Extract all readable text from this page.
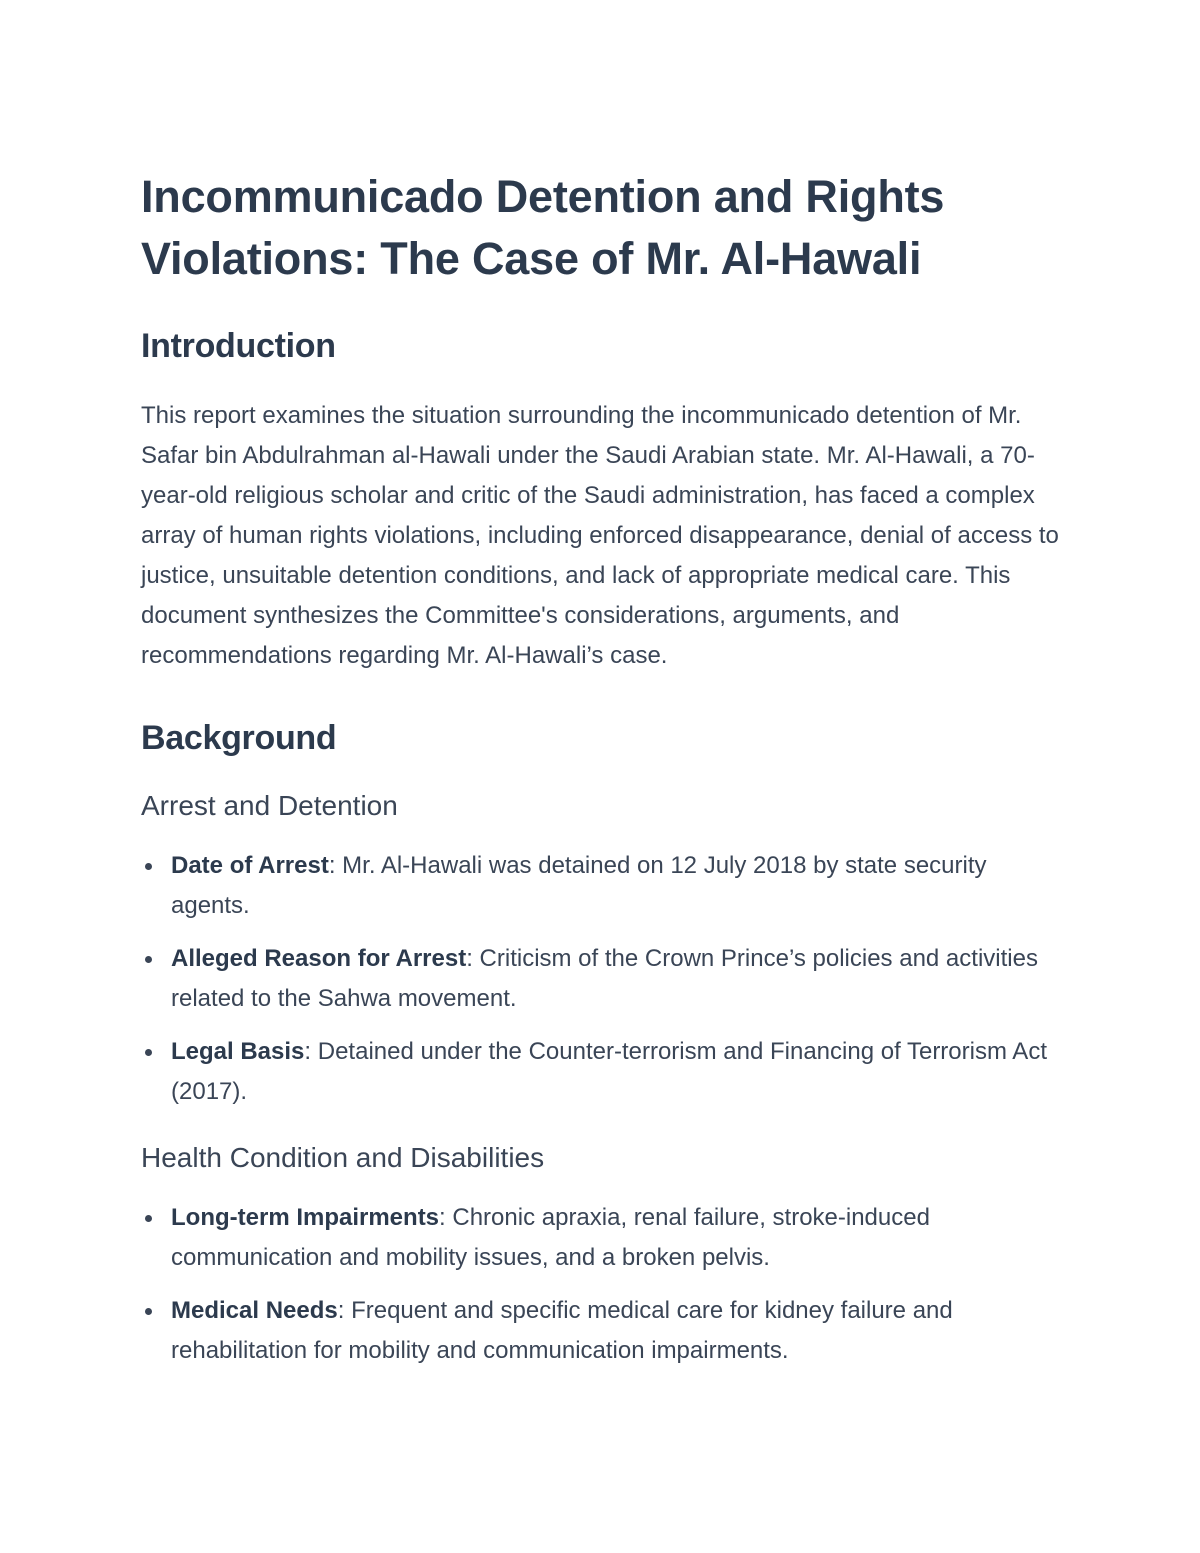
Incommunicado Detention and Rights Violations: The Case of Mr. Al-Hawali
Introduction

This report examines the situation surrounding the incommunicado detention of Mr. Safar bin Abdulrahman al-Hawali under the Saudi Arabian state. Mr. Al-Hawali, a 70-year-old religious scholar and critic of the Saudi administration, has faced a complex array of human rights violations, including enforced disappearance, denial of access to justice, unsuitable detention conditions, and lack of appropriate medical care. This document synthesizes the Committee's considerations, arguments, and recommendations regarding Mr. Al-Hawali’s case.

Background
Arrest and Detention
Date of Arrest: Mr. Al-Hawali was detained on 12 July 2018 by state security agents.
Alleged Reason for Arrest: Criticism of the Crown Prince’s policies and activities related to the Sahwa movement.
Legal Basis: Detained under the Counter-terrorism and Financing of Terrorism Act (2017).
Health Condition and Disabilities
Long-term Impairments: Chronic apraxia, renal failure, stroke-induced communication and mobility issues, and a broken pelvis.
Medical Needs: Frequent and specific medical care for kidney failure and rehabilitation for mobility and communication impairments.
